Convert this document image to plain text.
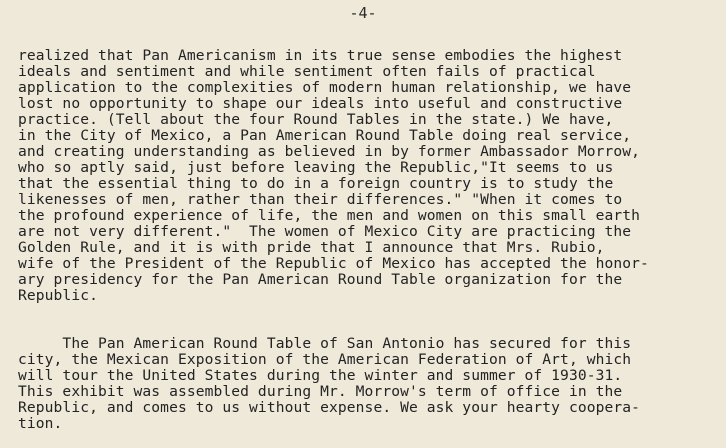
-4-
realized that Pan Americanism in its true sense embodies the highest
ideals and sentiment and while sentiment often fails of practical
application to the complexities of modern human relationship, we have
lost no opportunity to shape our ideals into useful and constructive
practice. (Tell about the four Round Tables in the state.) We have,
in the City of Mexico, a Pan American Round Table doing real service,
and creating understanding as believed in by former Ambassador Morrow,
who so aptly said, just before leaving the Republic,"It seems to us
that the essential thing to do in a foreign country is to study the
likenesses of men, rather than their differences." "When it comes to
the profound experience of life, the men and women on this small earth
are not very different."  The women of Mexico City are practicing the
Golden Rule, and it is with pride that I announce that Mrs. Rubio,
wife of the President of the Republic of Mexico has accepted the honor-
ary presidency for the Pan American Round Table organization for the
Republic.
The Pan American Round Table of San Antonio has secured for this
city, the Mexican Exposition of the American Federation of Art, which
will tour the United States during the winter and summer of 1930-31.
This exhibit was assembled during Mr. Morrow's term of office in the
Republic, and comes to us without expense. We ask your hearty coopera-
tion.
